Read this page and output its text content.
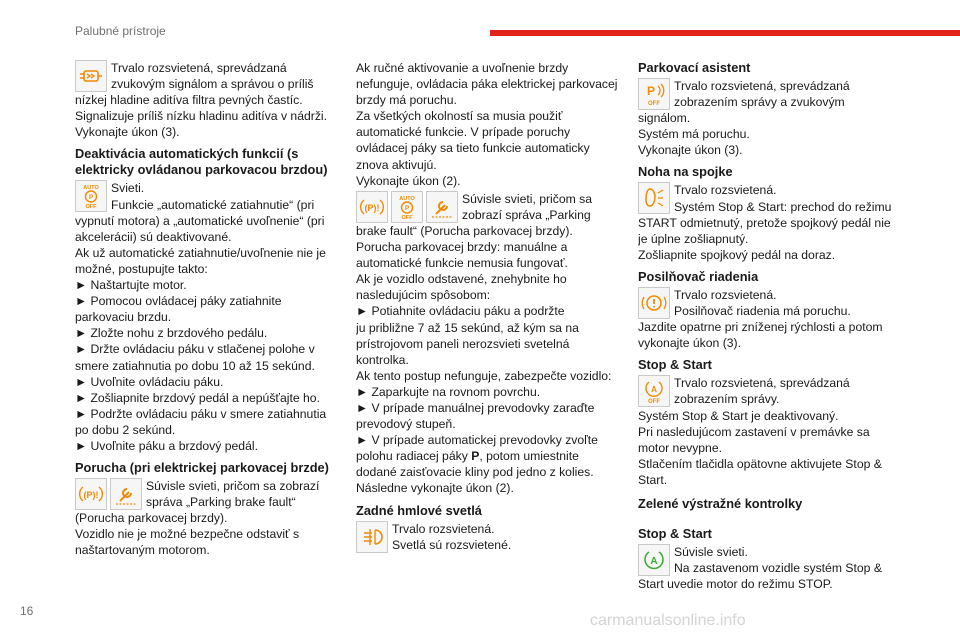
Palubné prístroje

Trvalo rozsvietená, sprevádzaná

zvukovým signálom a správou o príliš

nízkej hladine aditíva filtra pevných častíc.

Signalizuje príliš nízku hladinu aditíva v nádrži.

Vykonajte úkon (3).

Deaktivácia automatických funkcií (s
elektricky ovládanou parkovacou brzdou)
AUTO
P
OFF

Svieti.

Funkcie „automatické zatiahnutie“ (pri

vypnutí motora) a „automatické uvoľnenie“ (pri

akcelerácii) sú deaktivované.

Ak už automatické zatiahnutie/uvoľnenie nie je

možné, postupujte takto:

► Naštartujte motor.

► Pomocou ovládacej páky zatiahnite

parkovaciu brzdu.

► Zložte nohu z brzdového pedálu.

► Držte ovládaciu páku v stlačenej polohe v

smere zatiahnutia po dobu 10 až 15 sekúnd.

► Uvoľnite ovládaciu páku.

► Zošliapnite brzdový pedál a nepúšťajte ho.

► Podržte ovládaciu páku v smere zatiahnutia

po dobu 2 sekúnd.

► Uvoľnite páku a brzdový pedál.

Porucha (pri elektrickej parkovacej brzde)
(P)!

Súvisle svieti, pričom sa zobrazí

správa „Parking brake fault“

(Porucha parkovacej brzdy).

Vozidlo nie je možné bezpečne odstaviť s

naštartovaným motorom.

Ak ručné aktivovanie a uvoľnenie brzdy

nefunguje, ovládacia páka elektrickej parkovacej

brzdy má poruchu.

Za všetkých okolností sa musia použiť

automatické funkcie. V prípade poruchy

ovládacej páky sa tieto funkcie automaticky

znova aktivujú.

Vykonajte úkon (2).

(P)!
AUTO
P
OFF

Súvisle svieti, pričom sa

zobrazí správa „Parking

brake fault“ (Porucha parkovacej brzdy).

Porucha parkovacej brzdy: manuálne a

automatické funkcie nemusia fungovať.

Ak je vozidlo odstavené, znehybnite ho

nasledujúcim spôsobom:

► Potiahnite ovládaciu páku a podržte

ju približne 7 až 15 sekúnd, až kým sa na

prístrojovom paneli nerozsvieti svetelná

kontrolka.

Ak tento postup nefunguje, zabezpečte vozidlo:

► Zaparkujte na rovnom povrchu.

► V prípade manuálnej prevodovky zaraďte

prevodový stupeň.

► V prípade automatickej prevodovky zvoľte

polohu radiacej páky P, potom umiestnite

dodané zaisťovacie kliny pod jedno z kolies.

Následne vykonajte úkon (2).

Zadné hmlové svetlá

Trvalo rozsvietená.

Svetlá sú rozsvietené.

Parkovací asistent
P
OFF

Trvalo rozsvietená, sprevádzaná

zobrazením správy a zvukovým signálom.

Systém má poruchu.

Vykonajte úkon (3).

Noha na spojke

Trvalo rozsvietená.

Systém Stop & Start: prechod do režimu

START odmietnutý, pretože spojkový pedál nie

je úplne zošliapnutý.

Zošliapnite spojkový pedál na doraz.

Posilňovač riadenia

Trvalo rozsvietená.

Posilňovač riadenia má poruchu.

Jazdite opatrne pri zníženej rýchlosti a potom

vykonajte úkon (3).

Stop & Start
A
OFF

Trvalo rozsvietená, sprevádzaná

zobrazením správy.

Systém Stop & Start je deaktivovaný.

Pri nasledujúcom zastavení v premávke sa

motor nevypne.

Stlačením tlačidla opätovne aktivujete Stop &

Start.

Zelené výstražné kontrolky
Stop & Start
A

Súvisle svieti.

Na zastavenom vozidle systém Stop &

Start uvedie motor do režimu STOP.

16
carmanualsonline.info
